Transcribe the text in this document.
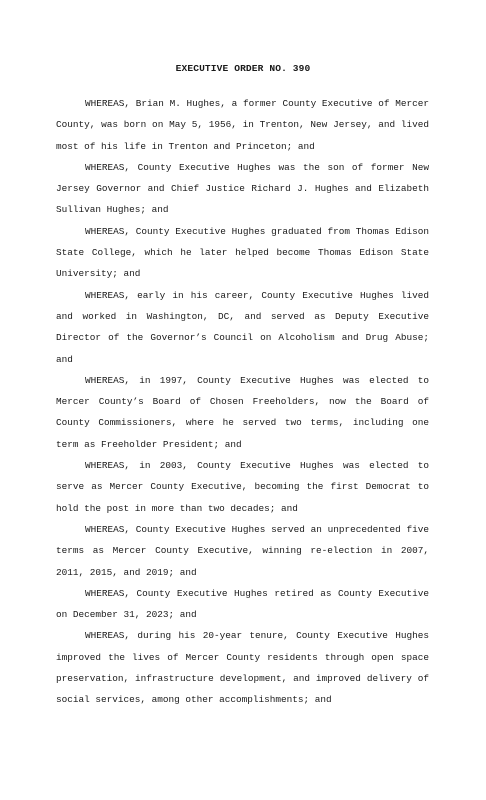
EXECUTIVE ORDER NO. 390

WHEREAS, Brian M. Hughes, a former County Executive of Mercer County, was born on May 5, 1956, in Trenton, New Jersey, and lived most of his life in Trenton and Princeton; and

WHEREAS, County Executive Hughes was the son of former New Jersey Governor and Chief Justice Richard J. Hughes and Elizabeth Sullivan Hughes; and

WHEREAS, County Executive Hughes graduated from Thomas Edison State College, which he later helped become Thomas Edison State University; and

WHEREAS, early in his career, County Executive Hughes lived and worked in Washington, DC, and served as Deputy Executive Director of the Governor’s Council on Alcoholism and Drug Abuse; and

WHEREAS, in 1997, County Executive Hughes was elected to Mercer County’s Board of Chosen Freeholders, now the Board of County Commissioners, where he served two terms, including one term as Freeholder President; and

WHEREAS, in 2003, County Executive Hughes was elected to serve as Mercer County Executive, becoming the first Democrat to hold the post in more than two decades; and

WHEREAS, County Executive Hughes served an unprecedented five terms as Mercer County Executive, winning re-election in 2007, 2011, 2015, and 2019; and

WHEREAS, County Executive Hughes retired as County Executive on December 31, 2023; and

WHEREAS, during his 20-year tenure, County Executive Hughes improved the lives of Mercer County residents through open space preservation, infrastructure development, and improved delivery of social services, among other accomplishments; and
